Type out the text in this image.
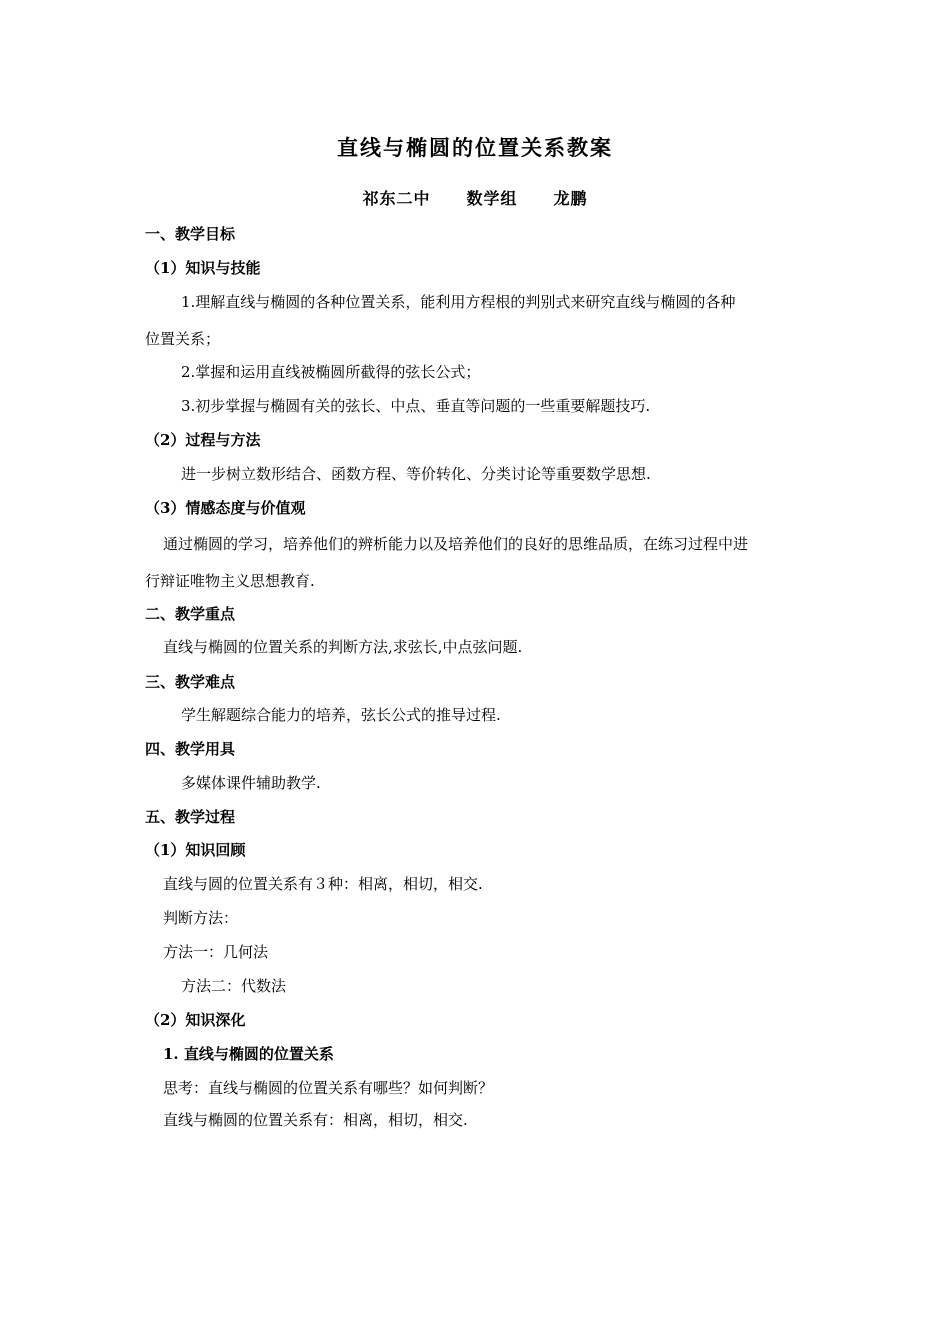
直线与椭圆的位置关系教案
祁东二中 数学组 龙鹏
一、教学目标
（1）知识与技能
1.理解直线与椭圆的各种位置关系，能利用方程根的判别式来研究直线与椭圆的各种
位置关系；
2.掌握和运用直线被椭圆所截得的弦长公式；
3.初步掌握与椭圆有关的弦长、中点、垂直等问题的一些重要解题技巧.
（2）过程与方法
进一步树立数形结合、函数方程、等价转化、分类讨论等重要数学思想.
（3）情感态度与价值观
通过椭圆的学习，培养他们的辨析能力以及培养他们的良好的思维品质，在练习过程中进
行辩证唯物主义思想教育.
二、教学重点
直线与椭圆的位置关系的判断方法,求弦长,中点弦问题.
三、教学难点
学生解题综合能力的培养，弦长公式的推导过程.
四、教学用具
多媒体课件辅助教学.
五、教学过程
（1）知识回顾
直线与圆的位置关系有３种：相离，相切，相交.
判断方法：
方法一：几何法
方法二：代数法
（2）知识深化
1. 直线与椭圆的位置关系
思考：直线与椭圆的位置关系有哪些？如何判断？
直线与椭圆的位置关系有：相离，相切，相交.
